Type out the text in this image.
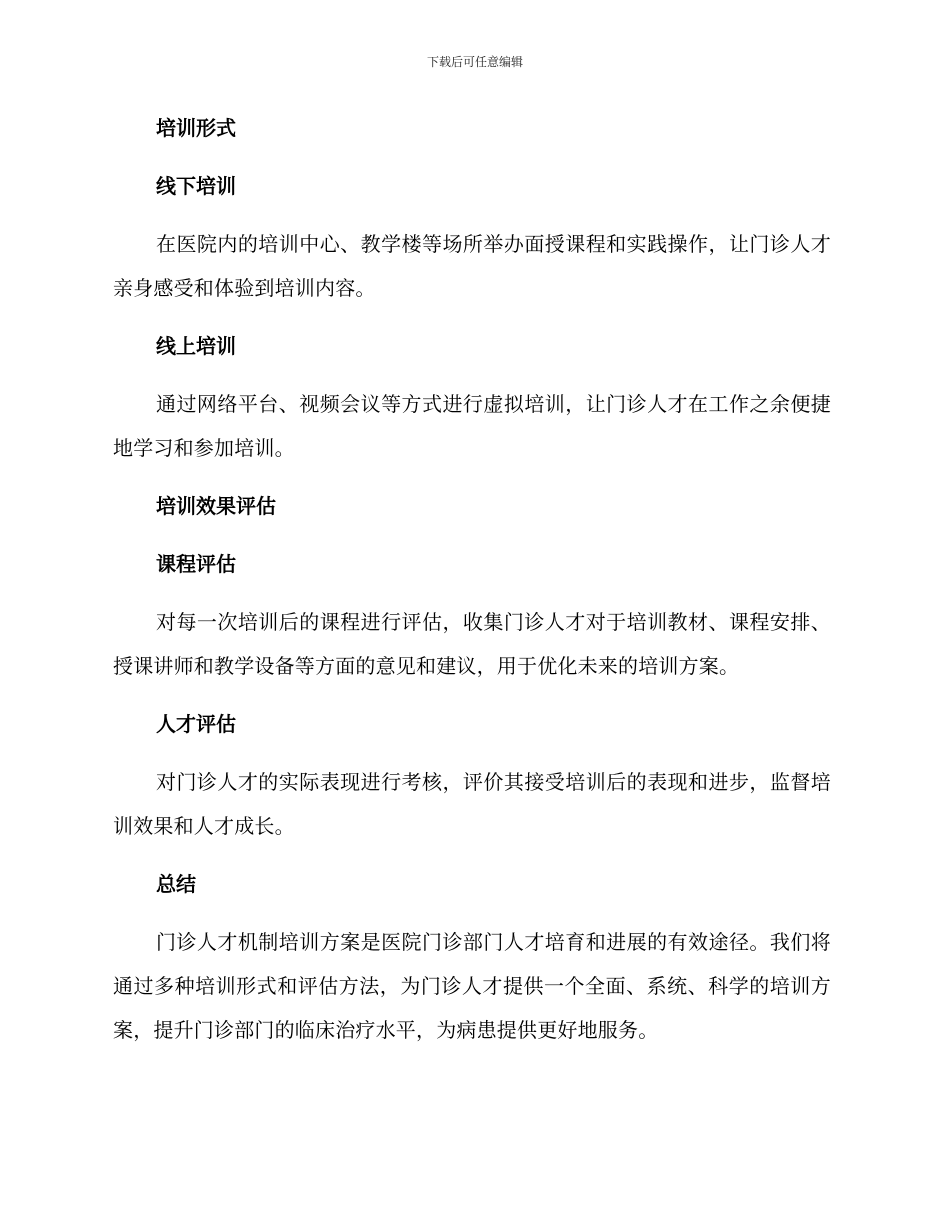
下载后可任意编辑
培训形式
线下培训

在医院内的培训中心、教学楼等场所举办面授课程和实践操作，让门诊人才亲身感受和体验到培训内容。

线上培训

通过网络平台、视频会议等方式进行虚拟培训，让门诊人才在工作之余便捷地学习和参加培训。

培训效果评估
课程评估

对每一次培训后的课程进行评估，收集门诊人才对于培训教材、课程安排、授课讲师和教学设备等方面的意见和建议，用于优化未来的培训方案。

人才评估

对门诊人才的实际表现进行考核，评价其接受培训后的表现和进步，监督培训效果和人才成长。

总结

门诊人才机制培训方案是医院门诊部门人才培育和进展的有效途径。我们将通过多种培训形式和评估方法，为门诊人才提供一个全面、系统、科学的培训方案，提升门诊部门的临床治疗水平，为病患提供更好地服务。
